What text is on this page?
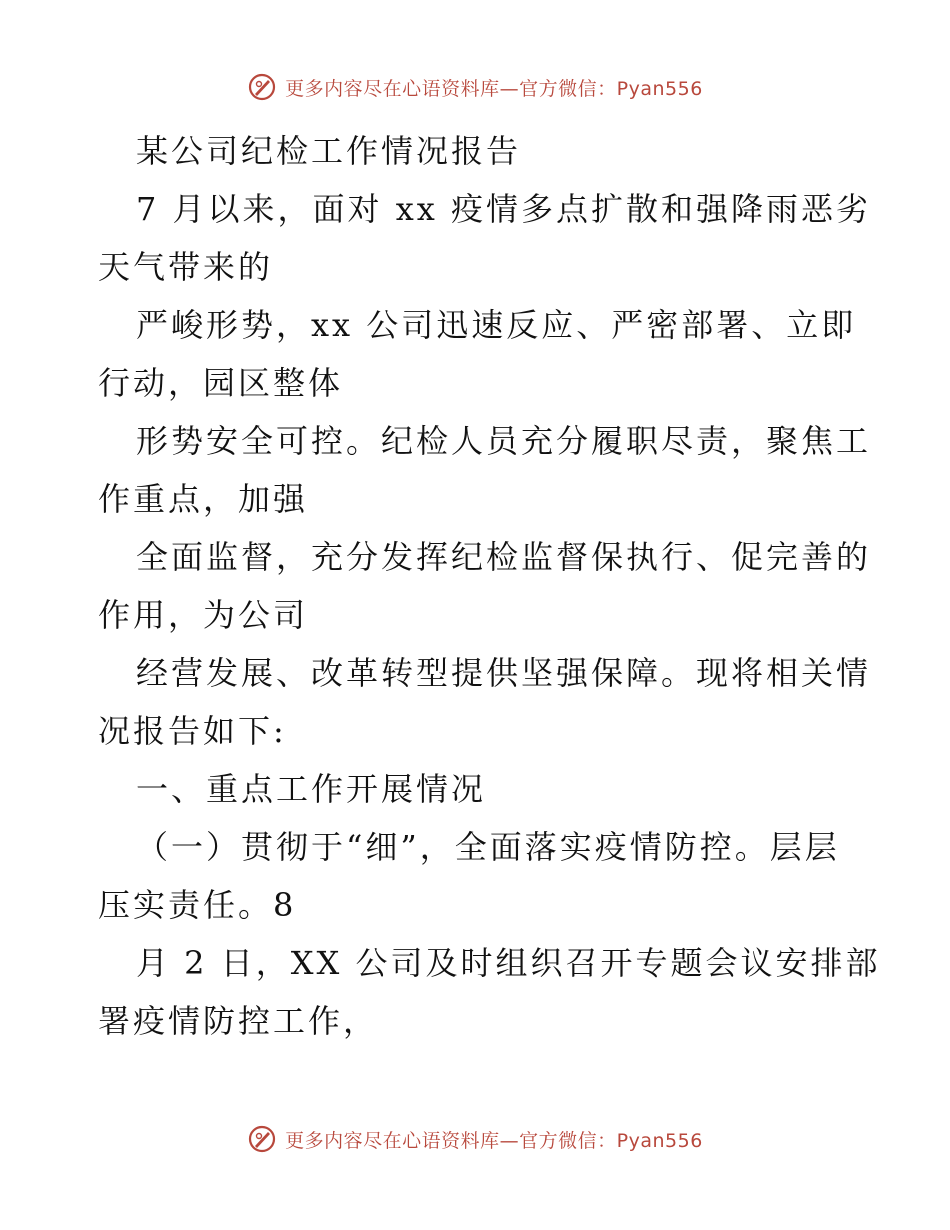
更多内容尽在心语资料库—官方微信：Pyan556

某公司纪检工作情况报告

7 月以来，面对 xx 疫情多点扩散和强降雨恶劣

天气带来的

严峻形势，xx 公司迅速反应、严密部署、立即

行动，园区整体

形势安全可控。纪检人员充分履职尽责，聚焦工

作重点，加强

全面监督，充分发挥纪检监督保执行、促完善的

作用，为公司

经营发展、改革转型提供坚强保障。现将相关情

况报告如下:

一、重点工作开展情况

（一）贯彻于“细”，全面落实疫情防控。层层

压实责任。8

月 2 日，XX 公司及时组织召开专题会议安排部

署疫情防控工作，

更多内容尽在心语资料库—官方微信：Pyan556
